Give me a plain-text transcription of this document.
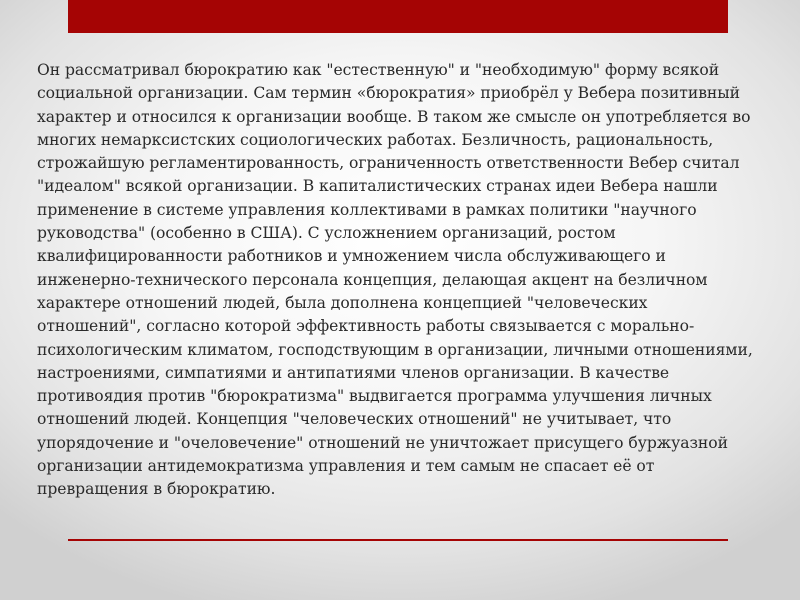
Он рассматривал бюрократию как "естественную" и "необходимую" форму всякой социальной организации. Сам термин «бюрократия» приобрёл у Вебера позитивный характер и относился к организации вообще. В таком же смысле он употребляется во многих немарксистских социологических работах. Безличность, рациональность, строжайшую регламентированность, ограниченность ответственности Вебер считал "идеалом" всякой организации. В капиталистических странах идеи Вебера нашли применение в системе управления коллективами в рамках политики "научного руководства" (особенно в США). С усложнением организаций, ростом квалифицированности работников и умножением числа обслуживающего и инженерно-технического персонала концепция, делающая акцент на безличном характере отношений людей, была дополнена концепцией "человеческих отношений", согласно которой эффективность работы связывается с морально-психологическим климатом, господствующим в организации, личными отношениями, настроениями, симпатиями и антипатиями членов организации. В качестве противоядия против "бюрократизма" выдвигается программа улучшения личных отношений людей. Концепция "человеческих отношений" не учитывает, что упорядочение и "очеловечение" отношений не уничтожает присущего буржуазной организации антидемократизма управления и тем самым не спасает её от превращения в бюрократию.
